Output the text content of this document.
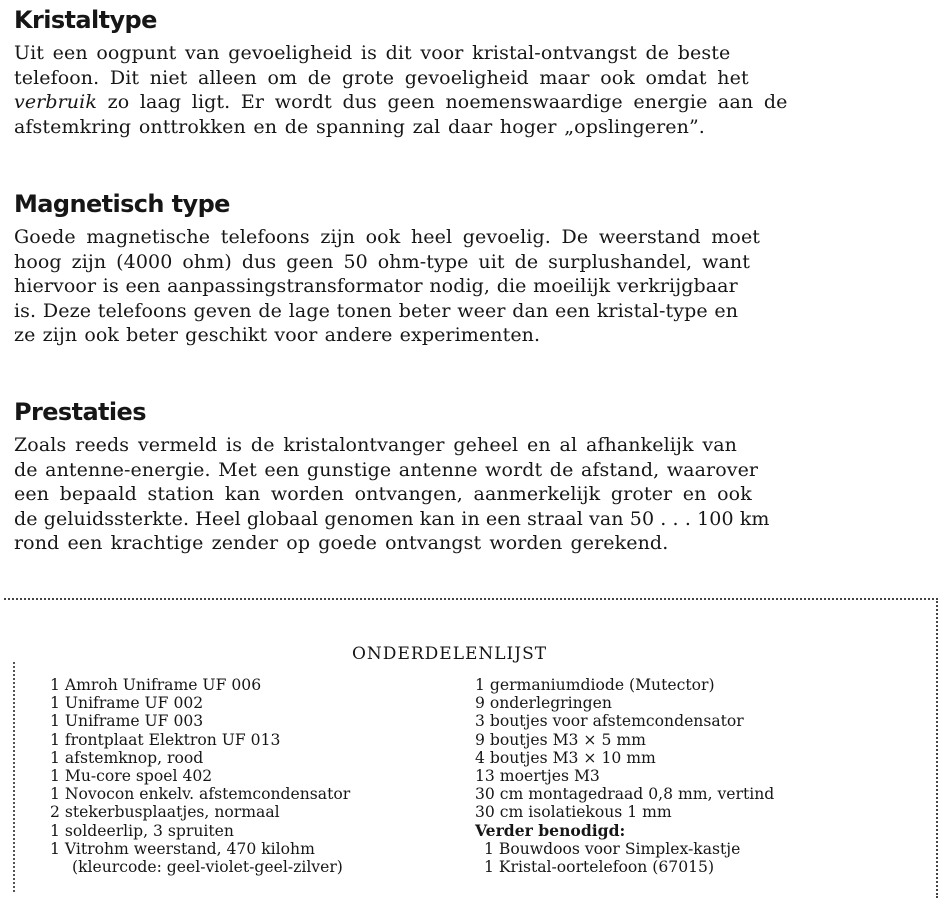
Kristaltype
Uit een oogpunt van gevoeligheid is dit voor kristal-ontvangst de beste
telefoon. Dit niet alleen om de grote gevoeligheid maar ook omdat het
verbruik zo laag ligt. Er wordt dus geen noemenswaardige energie aan de
afstemkring onttrokken en de spanning zal daar hoger „opslingeren”.
Magnetisch type
Goede magnetische telefoons zijn ook heel gevoelig. De weerstand moet
hoog zijn (4000 ohm) dus geen 50 ohm-type uit de surplushandel, want
hiervoor is een aanpassingstransformator nodig, die moeilijk verkrijgbaar
is. Deze telefoons geven de lage tonen beter weer dan een kristal-type en
ze zijn ook beter geschikt voor andere experimenten.
Prestaties
Zoals reeds vermeld is de kristalontvanger geheel en al afhankelijk van
de antenne-energie. Met een gunstige antenne wordt de afstand, waarover
een bepaald station kan worden ontvangen, aanmerkelijk groter en ook
de geluidssterkte. Heel globaal genomen kan in een straal van 50 . . . 100 km
rond een krachtige zender op goede ontvangst worden gerekend.
ONDERDELENLIJST
1 Amroh Uniframe UF 006
1 Uniframe UF 002
1 Uniframe UF 003
1 frontplaat Elektron UF 013
1 afstemknop, rood
1 Mu-core spoel 402
1 Novocon enkelv. afstemcondensator
2 stekerbusplaatjes, normaal
1 soldeerlip, 3 spruiten
1 Vitrohm weerstand, 470 kilohm
(kleurcode: geel-violet-geel-zilver)
1 germaniumdiode (Mutector)
9 onderlegringen
3 boutjes voor afstemcondensator
9 boutjes M3 × 5 mm
4 boutjes M3 × 10 mm
13 moertjes M3
30 cm montagedraad 0,8 mm, vertind
30 cm isolatiekous 1 mm
Verder benodigd:
1 Bouwdoos voor Simplex-kastje
1 Kristal-oortelefoon (67015)
